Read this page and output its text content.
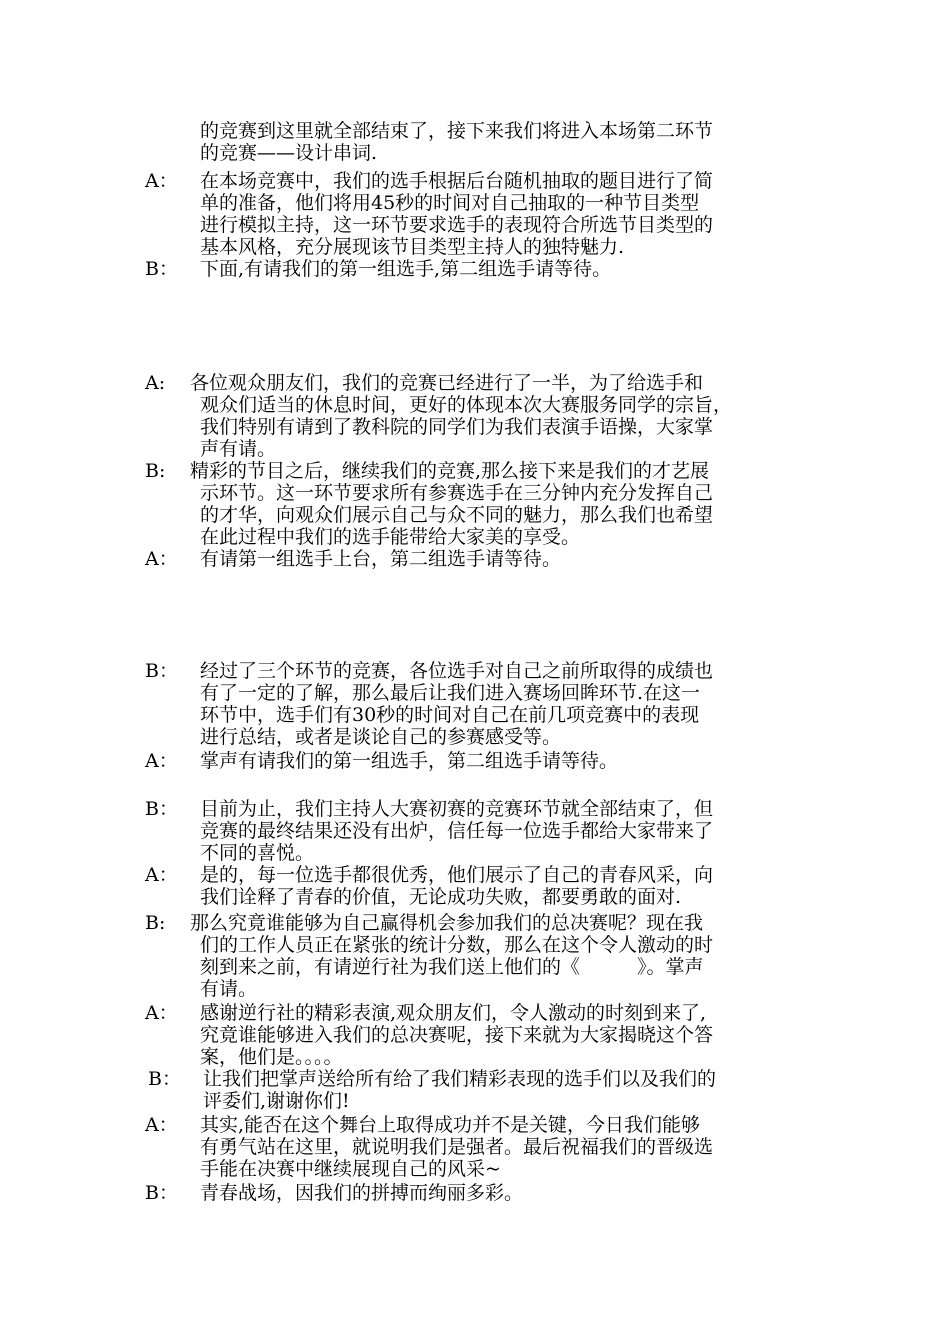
的竞赛到这里就全部结束了，接下来我们将进入本场第二环节
的竞赛——设计串词.
A： 在本场竞赛中，我们的选手根据后台随机抽取的题目进行了简
单的准备，他们将用45秒的时间对自己抽取的一种节目类型
进行模拟主持，这一环节要求选手的表现符合所选节目类型的
基本风格，充分展现该节目类型主持人的独特魅力.
B： 下面,有请我们的第一组选手,第二组选手请等待。
A: 各位观众朋友们，我们的竞赛已经进行了一半，为了给选手和
观众们适当的休息时间，更好的体现本次大赛服务同学的宗旨，
我们特别有请到了教科院的同学们为我们表演手语操，大家掌
声有请。
B: 精彩的节目之后，继续我们的竞赛,那么接下来是我们的才艺展
示环节。这一环节要求所有参赛选手在三分钟内充分发挥自己
的才华，向观众们展示自己与众不同的魅力，那么我们也希望
在此过程中我们的选手能带给大家美的享受。
A： 有请第一组选手上台，第二组选手请等待。
B： 经过了三个环节的竞赛，各位选手对自己之前所取得的成绩也
有了一定的了解，那么最后让我们进入赛场回眸环节.在这一
环节中，选手们有30秒的时间对自己在前几项竞赛中的表现
进行总结，或者是谈论自己的参赛感受等。
A： 掌声有请我们的第一组选手，第二组选手请等待。
B： 目前为止，我们主持人大赛初赛的竞赛环节就全部结束了，但
竞赛的最终结果还没有出炉，信任每一位选手都给大家带来了
不同的喜悦。
A： 是的，每一位选手都很优秀，他们展示了自己的青春风采，向
我们诠释了青春的价值，无论成功失败，都要勇敢的面对.
B: 那么究竟谁能够为自己赢得机会参加我们的总决赛呢？现在我
们的工作人员正在紧张的统计分数，那么在这个令人激动的时
刻到来之前，有请逆行社为我们送上他们的《　　　》。掌声
有请。
A： 感谢逆行社的精彩表演,观众朋友们，令人激动的时刻到来了,
究竟谁能够进入我们的总决赛呢，接下来就为大家揭晓这个答
案，他们是。。。。
B： 让我们把掌声送给所有给了我们精彩表现的选手们以及我们的
评委们,谢谢你们!
A： 其实,能否在这个舞台上取得成功并不是关键，今日我们能够
有勇气站在这里，就说明我们是强者。最后祝福我们的晋级选
手能在决赛中继续展现自己的风采~
B： 青春战场，因我们的拼搏而绚丽多彩。
